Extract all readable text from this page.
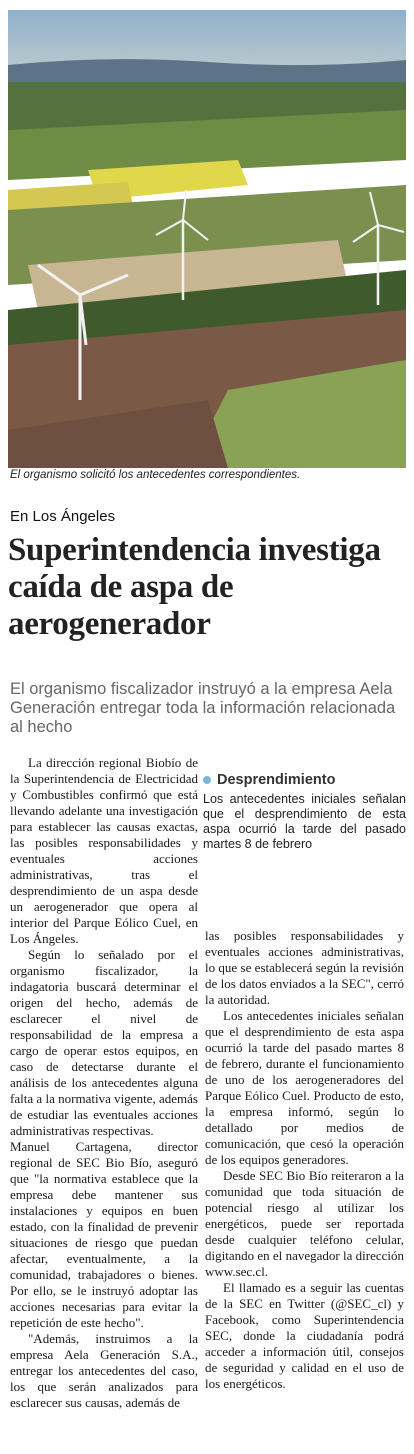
El organismo solicitó los antecedentes correspondientes.
En Los Ángeles
Superintendencia investiga caída de aspa de aerogenerador
El organismo fiscalizador instruyó a la empresa Aela Generación entregar toda la información relacionada al hecho

La dirección regional Biobío de la Superintendencia de Electricidad y Combustibles confirmó que está llevando adelante una investigación para establecer las causas exactas, las posibles responsabilidades y eventuales acciones administrativas, tras el desprendimiento de un aspa desde un aerogenerador que opera al interior del Parque Eólico Cuel, en Los Ángeles.

Según lo señalado por el organismo fiscalizador, la indagatoria buscará determinar el origen del hecho, además de esclarecer el nivel de responsabilidad de la empresa a cargo de operar estos equipos, en caso de detectarse durante el análisis de los antecedentes alguna falta a la normativa vigente, además de estudiar las eventuales acciones administrativas respectivas.

Manuel Cartagena, director regional de SEC Bio Bío, aseguró que "la normativa establece que la empresa debe mantener sus instalaciones y equipos en buen estado, con la finalidad de prevenir situaciones de riesgo que puedan afectar, eventualmente, a la comunidad, trabajadores o bienes. Por ello, se le instruyó adoptar las acciones necesarias para evitar la repetición de este hecho".

"Además, instruimos a la empresa Aela Generación S.A., entregar los antecedentes del caso, los que serán analizados para esclarecer sus causas, además de

Desprendimiento
Los antecedentes iniciales señalan que el desprendimiento de esta aspa ocurrió la tarde del pasado martes 8 de febrero

las posibles responsabilidades y eventuales acciones administrativas, lo que se establecerá según la revisión de los datos enviados a la SEC", cerró la autoridad.

Los antecedentes iniciales señalan que el desprendimiento de esta aspa ocurrió la tarde del pasado martes 8 de febrero, durante el funcionamiento de uno de los aerogeneradores del Parque Eólico Cuel. Producto de esto, la empresa informó, según lo detallado por medios de comunicación, que cesó la operación de los equipos generadores.

Desde SEC Bio Bío reiteraron a la comunidad que toda situación de potencial riesgo al utilizar los energéticos, puede ser reportada desde cualquier teléfono celular, digitando en el navegador la dirección www.sec.cl.

El llamado es a seguir las cuentas de la SEC en Twitter (@SEC_cl) y Facebook, como Superintendencia SEC, donde la ciudadanía podrá acceder a información útil, consejos de seguridad y calidad en el uso de los energéticos.
